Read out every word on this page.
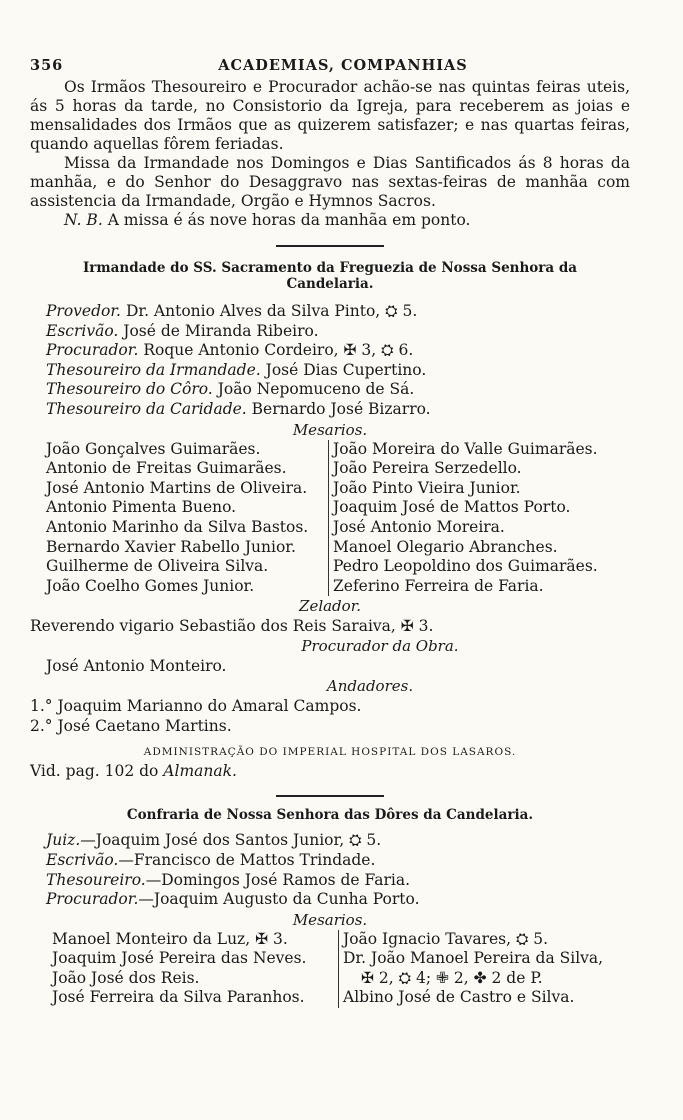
356	ACADEMIAS, COMPANHIAS

Os Irmãos Thesoureiro e Procurador achão-se nas quintas feiras uteis, ás 5 horas da tarde, no Consistorio da Igreja, para receberem as joias e mensalidades dos Irmãos que as quizerem satisfazer; e nas quartas feiras, quando aquellas fôrem feriadas.

Missa da Irmandade nos Domingos e Dias Santificados ás 8 horas da manhãa, e do Senhor do Desaggravo nas sextas-feiras de manhãa com assistencia da Irmandade, Orgão e Hymnos Sacros.

N. B. A missa é ás nove horas da manhãa em ponto.

Irmandade do SS. Sacramento da Freguezia de Nossa Senhora da Candelaria.
Provedor. Dr. Antonio Alves da Silva Pinto, ⛭ 5.
Escrivão. José de Miranda Ribeiro.
Procurador. Roque Antonio Cordeiro, ✠ 3, ⛭ 6.
Thesoureiro da Irmandade. José Dias Cupertino.
Thesoureiro do Côro. João Nepomuceno de Sá.
Thesoureiro da Caridade. Bernardo José Bizarro.
Mesarios.
João Gonçalves Guimarães.
Antonio de Freitas Guimarães.
José Antonio Martins de Oliveira.
Antonio Pimenta Bueno.
Antonio Marinho da Silva Bastos.
Bernardo Xavier Rabello Junior.
Guilherme de Oliveira Silva.
João Coelho Gomes Junior.
João Moreira do Valle Guimarães.
João Pereira Serzedello.
João Pinto Vieira Junior.
Joaquim José de Mattos Porto.
José Antonio Moreira.
Manoel Olegario Abranches.
Pedro Leopoldino dos Guimarães.
Zeferino Ferreira de Faria.
Zelador.
Reverendo vigario Sebastião dos Reis Saraiva, ✠ 3.
Procurador da Obra.
José Antonio Monteiro.
Andadores.
1.° Joaquim Marianno do Amaral Campos.
2.° José Caetano Martins.
ADMINISTRAÇÃO DO IMPERIAL HOSPITAL DOS LASAROS.
Vid. pag. 102 do Almanak.
Confraria de Nossa Senhora das Dôres da Candelaria.
Juiz.—Joaquim José dos Santos Junior, ⛭ 5.
Escrivão.—Francisco de Mattos Trindade.
Thesoureiro.—Domingos José Ramos de Faria.
Procurador.—Joaquim Augusto da Cunha Porto.
Mesarios.
Manoel Monteiro da Luz, ✠ 3.
Joaquim José Pereira das Neves.
João José dos Reis.
José Ferreira da Silva Paranhos.
João Ignacio Tavares, ⛭ 5.
Dr. João Manoel Pereira da Silva,
✠ 2, ⛭ 4; ✙ 2, ✤ 2 de P.
Albino José de Castro e Silva.
